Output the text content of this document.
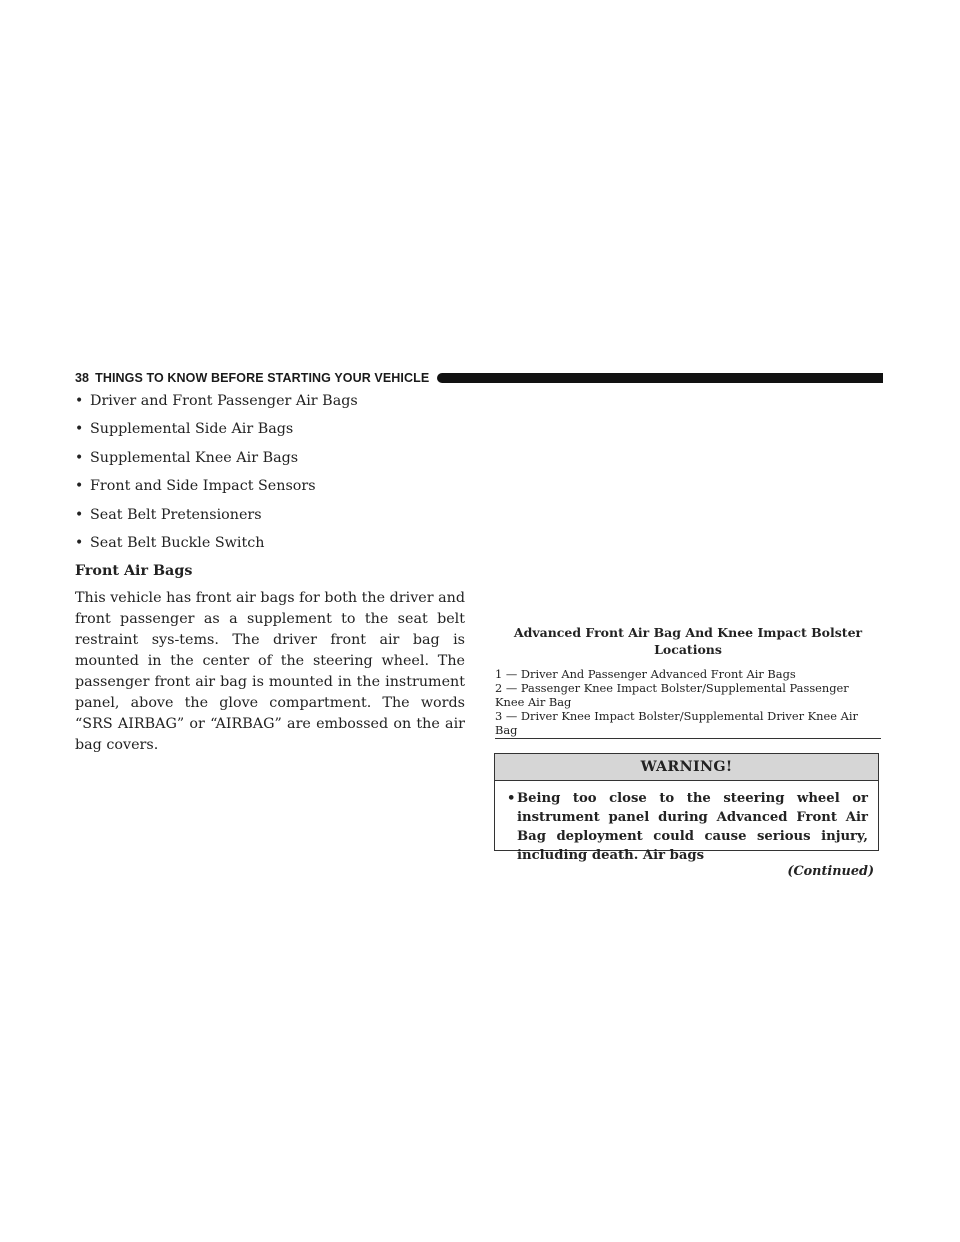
38 THINGS TO KNOW BEFORE STARTING YOUR VEHICLE
• Driver and Front Passenger Air Bags
• Supplemental Side Air Bags
• Supplemental Knee Air Bags
• Front and Side Impact Sensors
• Seat Belt Pretensioners
• Seat Belt Buckle Switch
Front Air Bags

This vehicle has front air bags for both the driver and front passenger as a supplement to the seat belt restraint sys-tems. The driver front air bag is mounted in the center of the steering wheel. The passenger front air bag is mounted in the instrument panel, above the glove compartment. The words “SRS AIRBAG” or “AIRBAG” are embossed on the air bag covers.

Advanced Front Air Bag And Knee Impact Bolster Locations
1 — Driver And Passenger Advanced Front Air Bags
2 — Passenger Knee Impact Bolster/Supplemental Passenger Knee Air Bag
3 — Driver Knee Impact Bolster/Supplemental Driver Knee Air Bag
WARNING!
• Being too close to the steering wheel or instrument panel during Advanced Front Air Bag deployment could cause serious injury, including death. Air bags
(Continued)
